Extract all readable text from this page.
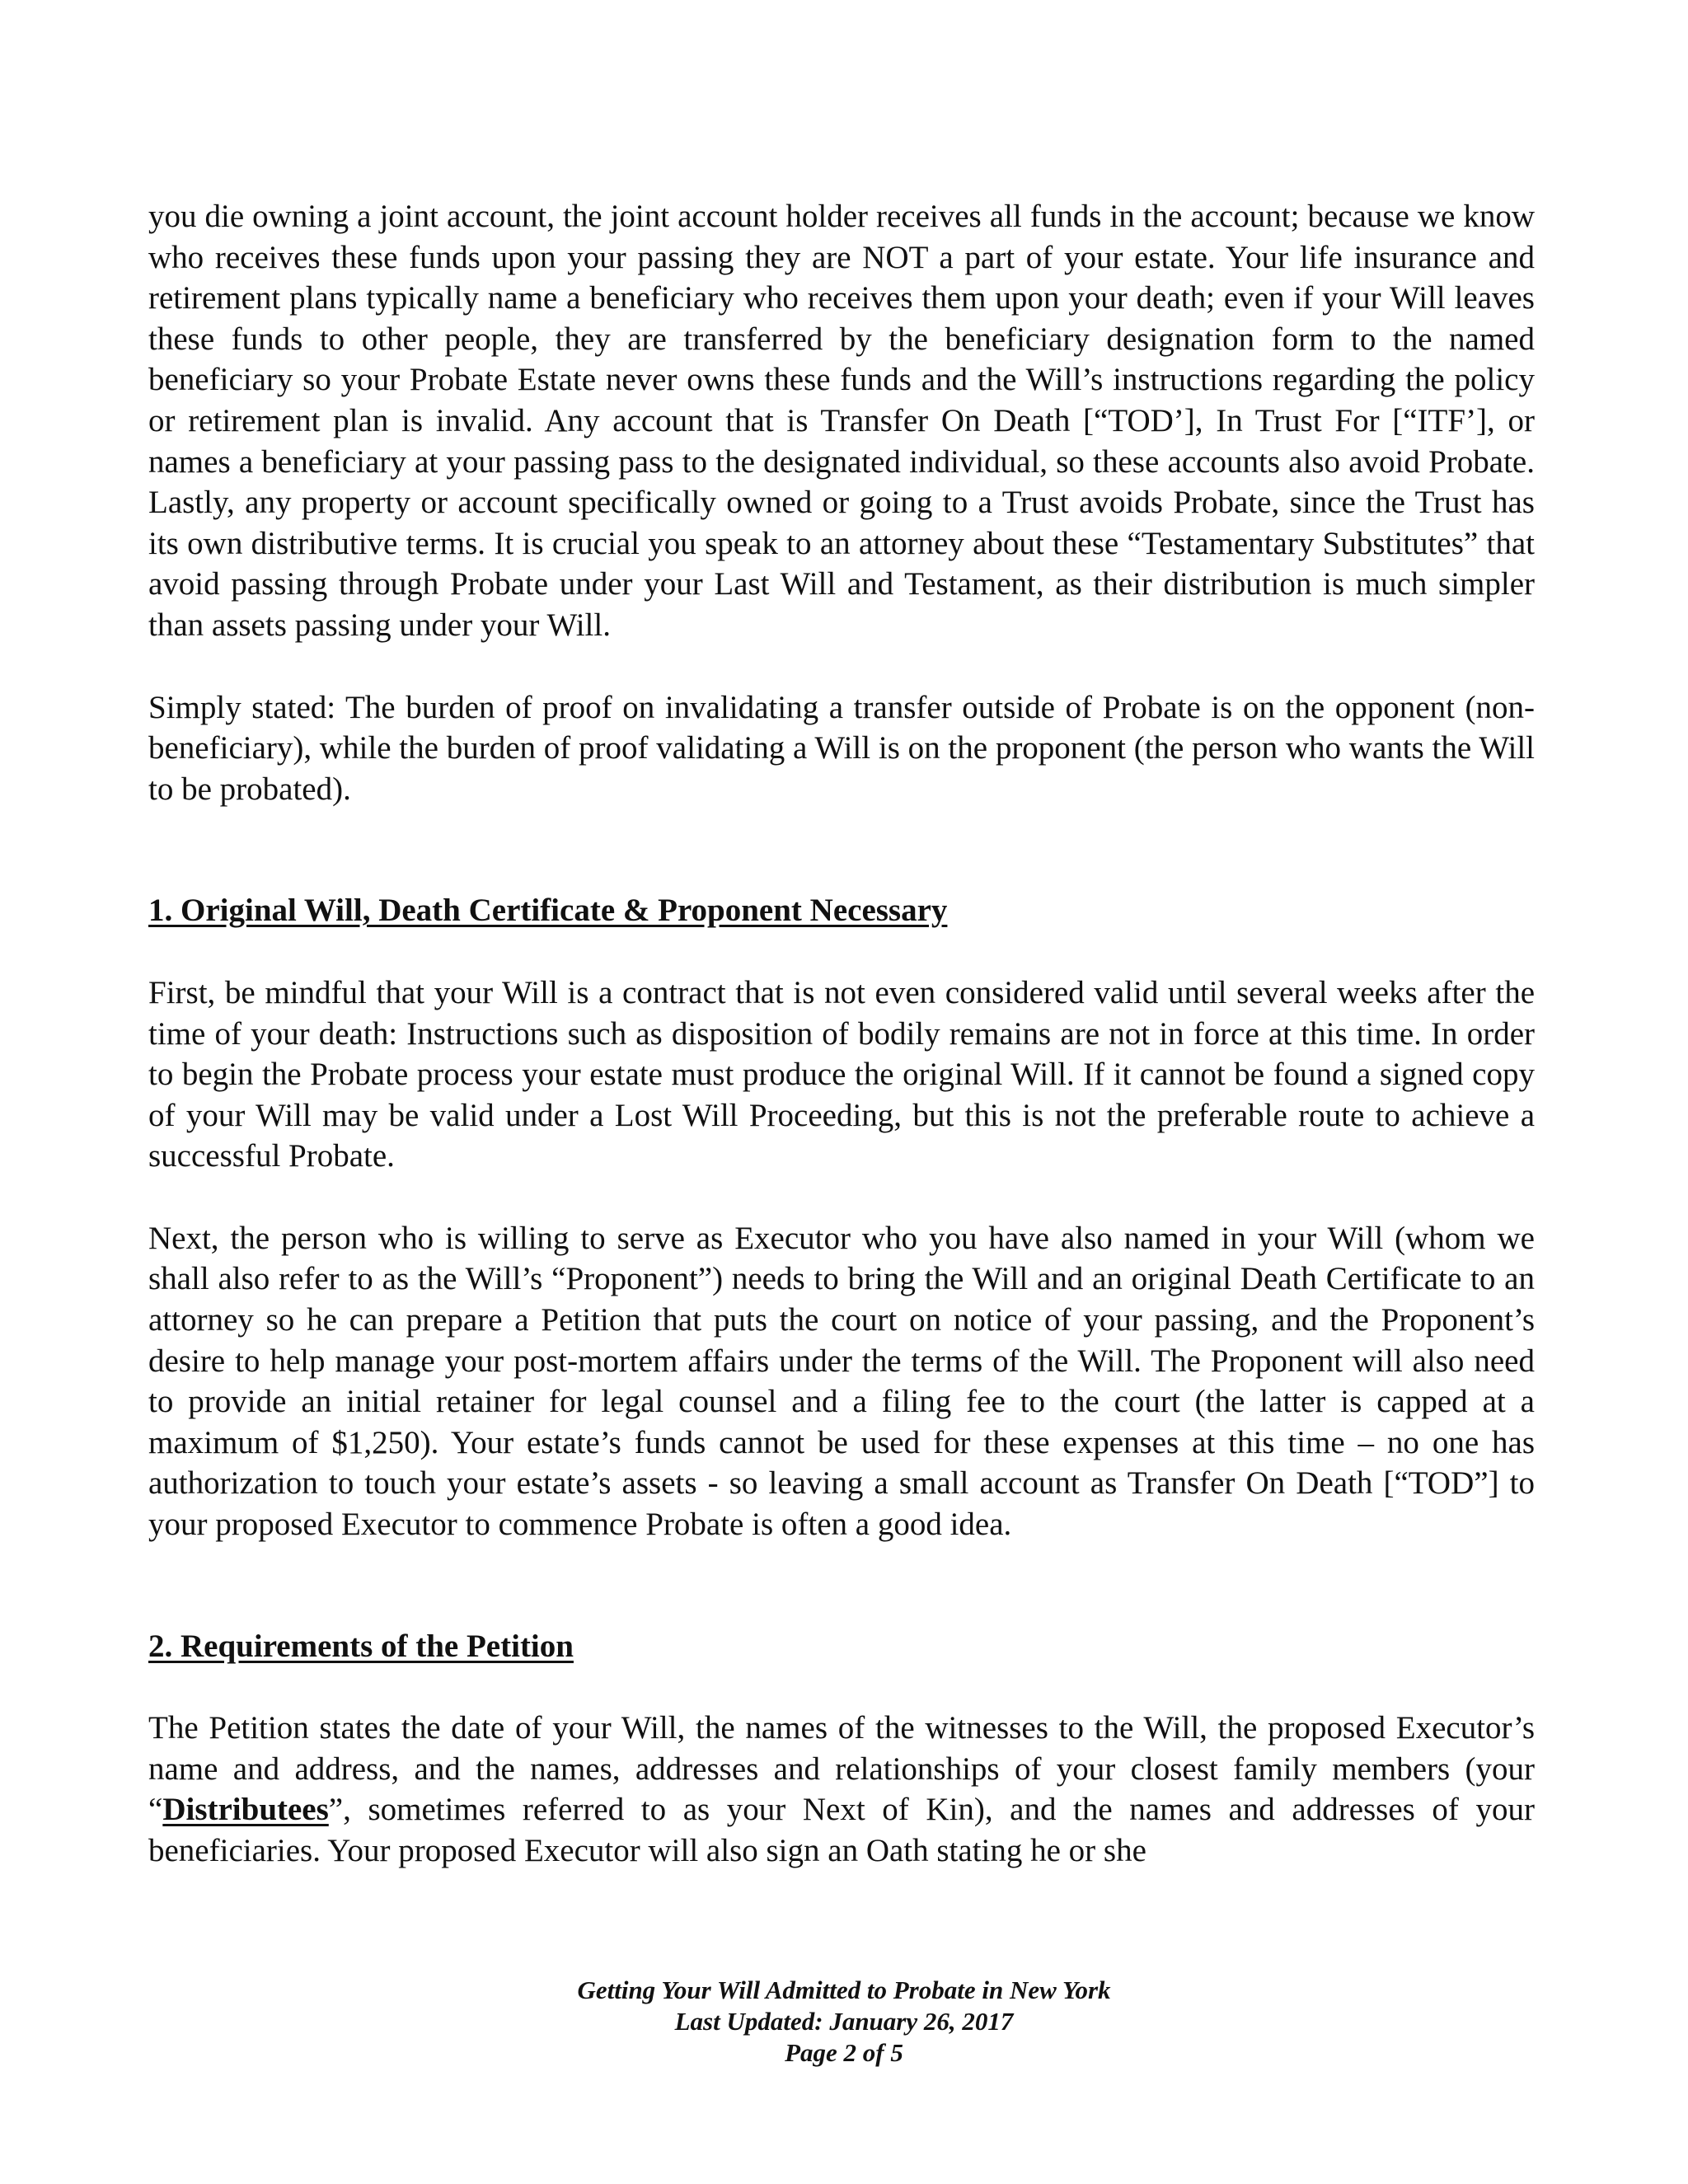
you die owning a joint account, the joint account holder receives all funds in the account; because we know who receives these funds upon your passing they are NOT a part of your estate. Your life insurance and retirement plans typically name a beneficiary who receives them upon your death; even if your Will leaves these funds to other people, they are transferred by the beneficiary designation form to the named beneficiary so your Probate Estate never owns these funds and the Will’s instructions regarding the policy or retirement plan is invalid. Any account that is Transfer On Death [“TOD’], In Trust For [“ITF’], or names a beneficiary at your passing pass to the designated individual, so these accounts also avoid Probate. Lastly, any property or account specifically owned or going to a Trust avoids Probate, since the Trust has its own distributive terms. It is crucial you speak to an attorney about these “Testamentary Substitutes” that avoid passing through Probate under your Last Will and Testament, as their distribution is much simpler than assets passing under your Will.

Simply stated: The burden of proof on invalidating a transfer outside of Probate is on the opponent (non-beneficiary), while the burden of proof validating a Will is on the proponent (the person who wants the Will to be probated).

1. Original Will, Death Certificate & Proponent Necessary

First, be mindful that your Will is a contract that is not even considered valid until several weeks after the time of your death: Instructions such as disposition of bodily remains are not in force at this time. In order to begin the Probate process your estate must produce the original Will. If it cannot be found a signed copy of your Will may be valid under a Lost Will Proceeding, but this is not the preferable route to achieve a successful Probate.

Next, the person who is willing to serve as Executor who you have also named in your Will (whom we shall also refer to as the Will’s “Proponent”) needs to bring the Will and an original Death Certificate to an attorney so he can prepare a Petition that puts the court on notice of your passing, and the Proponent’s desire to help manage your post-mortem affairs under the terms of the Will. The Proponent will also need to provide an initial retainer for legal counsel and a filing fee to the court (the latter is capped at a maximum of $1,250). Your estate’s funds cannot be used for these expenses at this time – no one has authorization to touch your estate’s assets - so leaving a small account as Transfer On Death [“TOD”] to your proposed Executor to commence Probate is often a good idea.

2. Requirements of the Petition

The Petition states the date of your Will, the names of the witnesses to the Will, the proposed Executor’s name and address, and the names, addresses and relationships of your closest family members (your “Distributees”, sometimes referred to as your Next of Kin), and the names and addresses of your beneficiaries. Your proposed Executor will also sign an Oath stating he or she

Getting Your Will Admitted to Probate in New York
Last Updated: January 26, 2017
Page 2 of 5
